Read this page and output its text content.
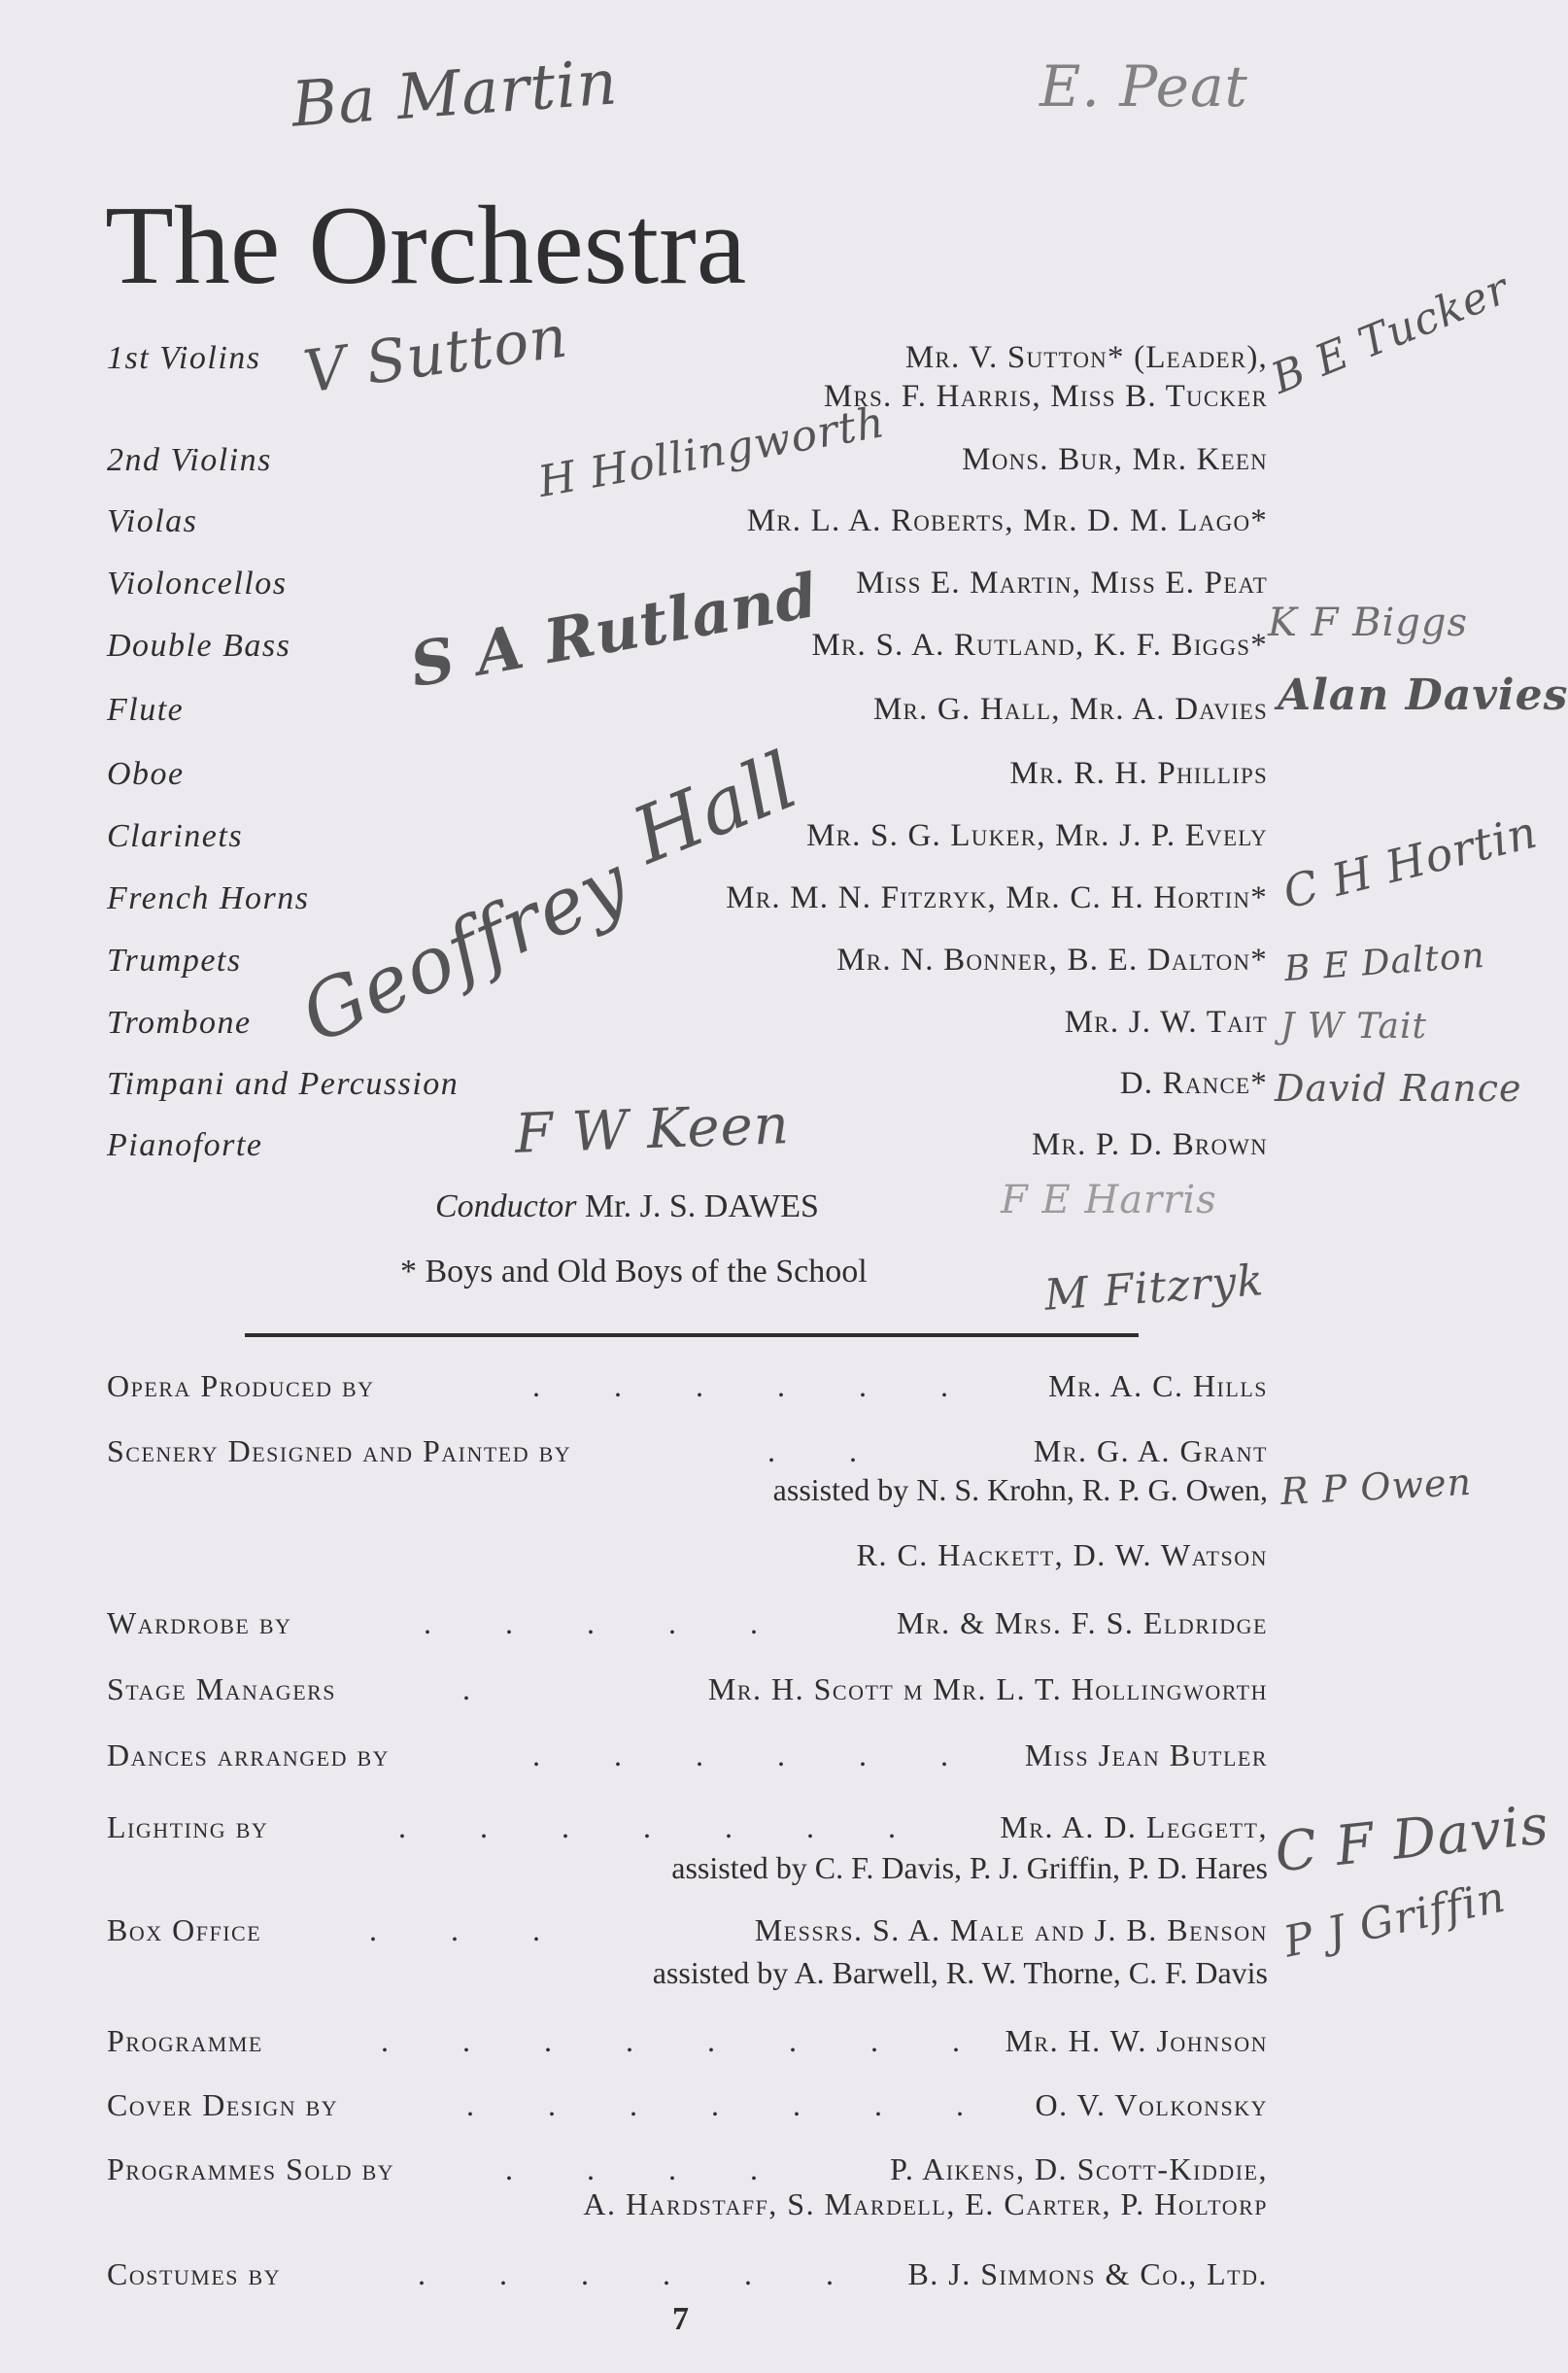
The Orchestra
1st Violins	Mr. V. Sutton* (Leader),
Mrs. F. Harris, Miss B. Tucker
2nd Violins	Mons. Bur, Mr. Keen
Violas	Mr. L. A. Roberts, Mr. D. M. Lago*
Violoncellos	Miss E. Martin, Miss E. Peat
Double Bass	Mr. S. A. Rutland, K. F. Biggs*
Flute	Mr. G. Hall, Mr. A. Davies
Oboe	Mr. R. H. Phillips
Clarinets	Mr. S. G. Luker, Mr. J. P. Evely
French Horns	Mr. M. N. Fitzryk, Mr. C. H. Hortin*
Trumpets	Mr. N. Bonner, B. E. Dalton*
Trombone	Mr. J. W. Tait
Timpani and Percussion	D. Rance*
Pianoforte	Mr. P. D. Brown
Conductor Mr. J. S. DAWES
* Boys and Old Boys of the School
Opera Produced by	. . . . . . Mr. A. C. Hills
Scenery Designed and Painted by	. .	Mr. G. A. Grant
assisted by N. S. Krohn, R. P. G. Owen,
R. C. Hackett, D. W. Watson
Wardrobe by	. . . . .	Mr. & Mrs. F. S. Eldridge
Stage Managers	.	Mr. H. Scott m Mr. L. T. Hollingworth
Dances arranged by	. . . . . . Miss Jean Butler
Lighting by	. . . . . . . Mr. A. D. Leggett,
assisted by C. F. Davis, P. J. Griffin, P. D. Hares
Box Office	. . .	Messrs. S. A. Male and J. B. Benson
assisted by A. Barwell, R. W. Thorne, C. F. Davis
Programme	. . . . . . . . Mr. H. W. Johnson
Cover Design by	. . . . . . . O. V. Volkonsky
Programmes Sold by	. . . .	P. Aikens, D. Scott-Kiddie,
A. Hardstaff, S. Mardell, E. Carter, P. Holtorp
Costumes by	. . . . . . B. J. Simmons & Co., Ltd.
7
Ba Martin	E. Peat
V Sutton	B E Tucker
H Hollingworth
S A Rutland	K F Biggs
Alan Davies
Hall
Geoffrey	C H Hortin
B E Dalton
J W Tait
David Rance
F W Keen
F E Harris
M Fitzryk
R P Owen
C F Davis
P J Griffin
